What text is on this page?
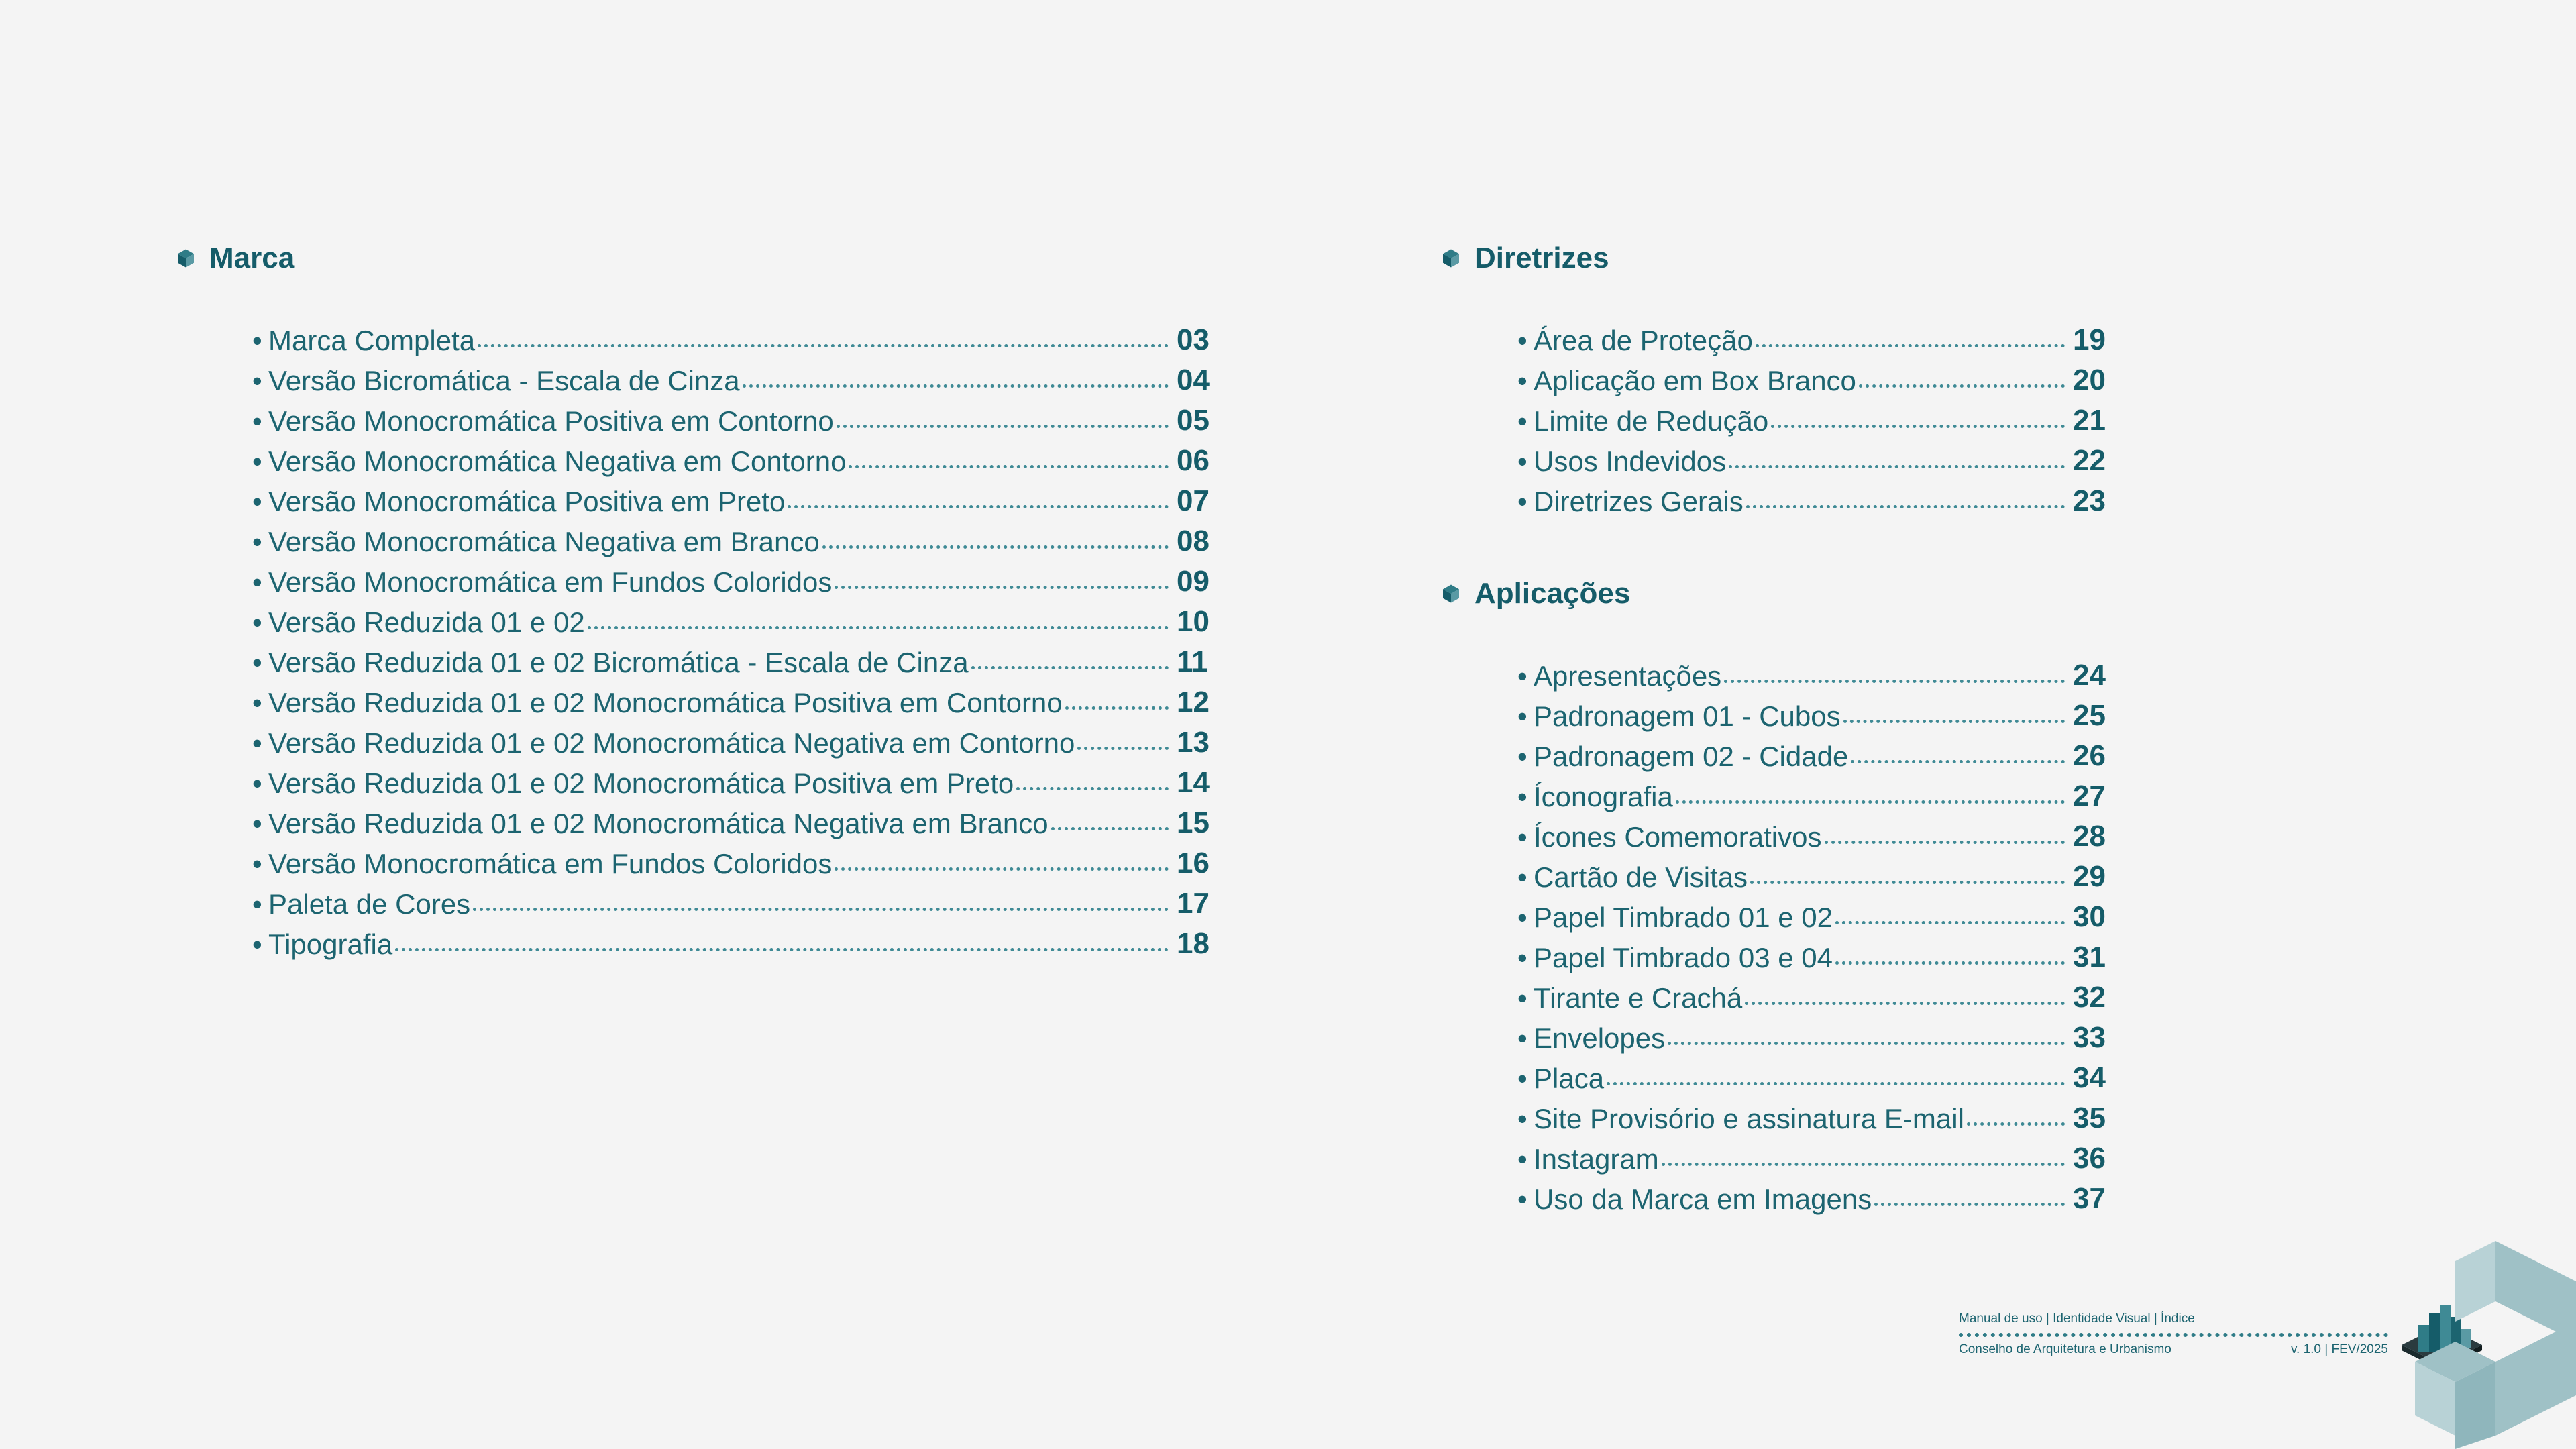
Marca
• Marca Completa	03
• Versão Bicromática - Escala de Cinza	04
• Versão Monocromática Positiva em Contorno	05
• Versão Monocromática Negativa em Contorno	06
• Versão Monocromática Positiva em Preto	07
• Versão Monocromática Negativa em Branco	08
• Versão Monocromática em Fundos Coloridos	09
• Versão Reduzida 01 e 02	10
• Versão Reduzida 01 e 02 Bicromática - Escala de Cinza	11
• Versão Reduzida 01 e 02 Monocromática Positiva em Contorno	12
• Versão Reduzida 01 e 02 Monocromática Negativa em Contorno	13
• Versão Reduzida 01 e 02 Monocromática Positiva em Preto	14
• Versão Reduzida 01 e 02 Monocromática Negativa em Branco	15
• Versão Monocromática em Fundos Coloridos	16
• Paleta de Cores	17
• Tipografia	18
Diretrizes
• Área de Proteção	19
• Aplicação em Box Branco	20
• Limite de Redução	21
• Usos Indevidos	22
• Diretrizes Gerais	23
Aplicações
• Apresentações	24
• Padronagem 01 - Cubos	25
• Padronagem 02 - Cidade	26
• Íconografia	27
• Ícones Comemorativos	28
• Cartão de Visitas	29
• Papel Timbrado 01 e 02	30
• Papel Timbrado 03 e 04	31
• Tirante e Crachá	32
• Envelopes	33
• Placa	34
• Site Provisório e assinatura E-mail	35
• Instagram	36
• Uso da Marca em Imagens	37
Manual de uso | Identidade Visual | Índice
Conselho de Arquitetura e Urbanismo	v. 1.0 | FEV/2025
